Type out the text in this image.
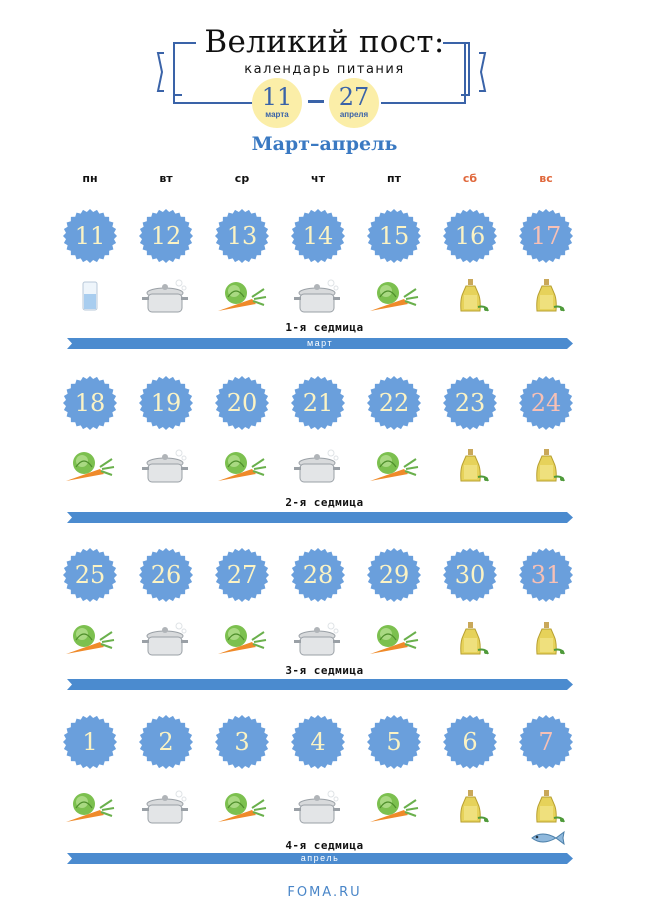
Великий пост:
календарь питания
11
марта
27
апреля
Март–апрель
пн	вт	ср	чт	пт	сб	вс
11	12	13	14	15	16	17
1-я седмица
март
18	19	20	21	22	23	24
2-я седмица
25	26	27	28	29	30	31
3-я седмица
1	2	3	4	5	6	7
4-я седмица
апрель
FOMA.RU
